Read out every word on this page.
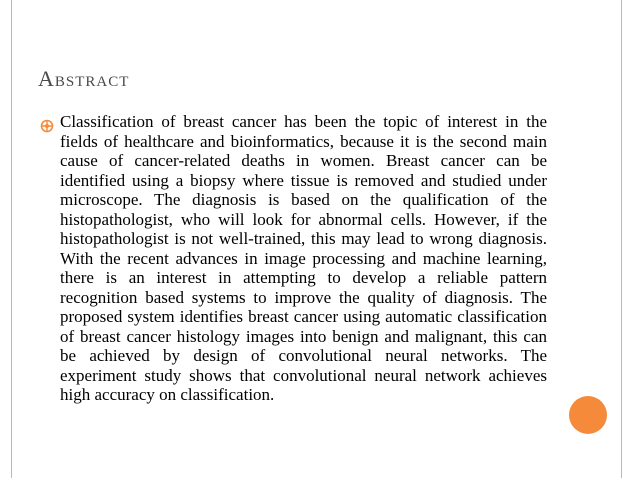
Abstract

Classification of breast cancer has been the topic of interest in the fields of healthcare and bioinformatics, because it is the second main cause of cancer-related deaths in women. Breast cancer can be identified using a biopsy where tissue is removed and studied under microscope. The diagnosis is based on the qualification of the histopathologist, who will look for abnormal cells. However, if the histopathologist is not well-trained, this may lead to wrong diagnosis. With the recent advances in image processing and machine learning, there is an interest in attempting to develop a reliable pattern recognition based systems to improve the quality of diagnosis. The proposed system identifies breast cancer using automatic classification of breast cancer histology images into benign and malignant, this can be achieved by design of convolutional neural networks. The experiment study shows that convolutional neural network achieves high accuracy on classification.
